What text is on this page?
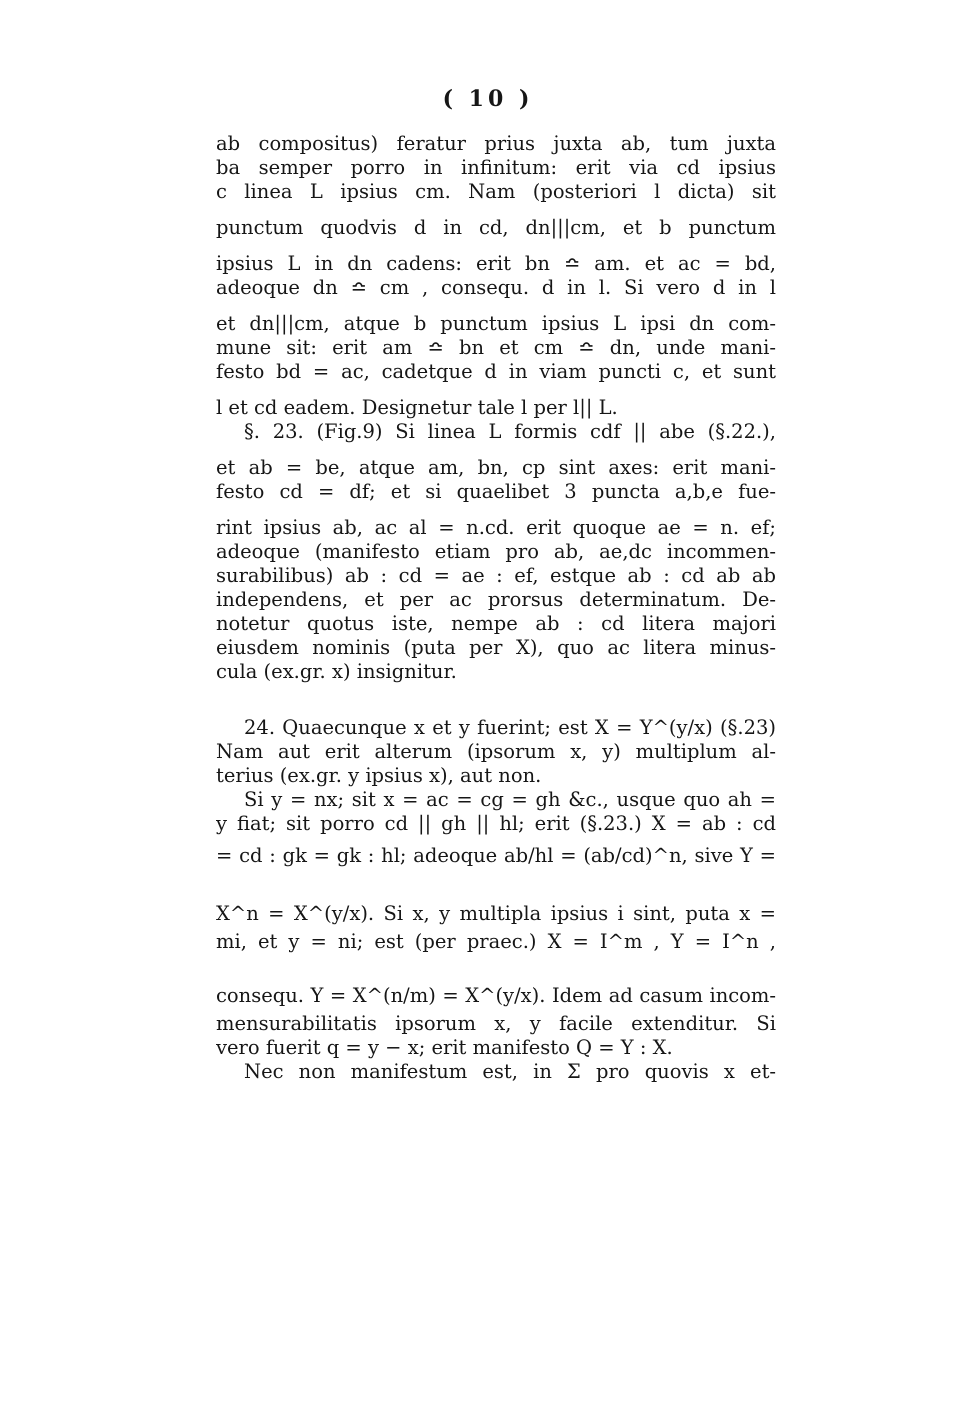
( 10 )
ab compositus) feratur prius juxta ab, tum juxta
ba semper porro in infinitum: erit via cd ipsius
c linea L ipsius cm. Nam (posteriori l dicta) sit
punctum quodvis d in cd, dn|||cm, et b punctum
ipsius L in dn cadens: erit bn ≏ am. et ac = bd,
adeoque dn ≏ cm , consequ. d in l. Si vero d in l
et dn|||cm, atque b punctum ipsius L ipsi dn com-
mune sit: erit am ≏ bn et cm ≏ dn, unde mani-
festo bd = ac, cadetque d in viam puncti c, et sunt
l et cd eadem. Designetur tale l per l|| L.
§. 23. (Fig.9) Si linea L formis cdf || abe (§.22.),
et ab = be, atque am, bn, cp sint axes: erit mani-
festo cd = df; et si quaelibet 3 puncta a,b,e fue-
rint ipsius ab, ac al = n.cd. erit quoque ae = n. ef;
adeoque (manifesto etiam pro ab, ae,dc incommen-
surabilibus) ab : cd = ae : ef, estque ab : cd ab ab
independens, et per ac prorsus determinatum. De-
notetur quotus iste, nempe ab : cd litera majori
eiusdem nominis (puta per X), quo ac litera minus-
cula (ex.gr. x) insignitur.
24. Quaecunque x et y fuerint; est X = Y^(y/x) (§.23)
Nam aut erit alterum (ipsorum x, y) multiplum al-
terius (ex.gr. y ipsius x), aut non.
Si y = nx; sit x = ac = cg = gh &c., usque quo ah =
y fiat; sit porro cd || gh || hl; erit (§.23.) X = ab : cd
= cd : gk = gk : hl; adeoque ab/hl = (ab/cd)^n, sive Y =
X^n = X^(y/x). Si x, y multipla ipsius i sint, puta x =
mi, et y = ni; est (per praec.) X = I^m , Y = I^n ,
consequ. Y = X^(n/m) = X^(y/x). Idem ad casum incom-
mensurabilitatis ipsorum x, y facile extenditur. Si
vero fuerit q = y − x; erit manifesto Q = Y : X.
Nec non manifestum est, in Σ pro quovis x et-
